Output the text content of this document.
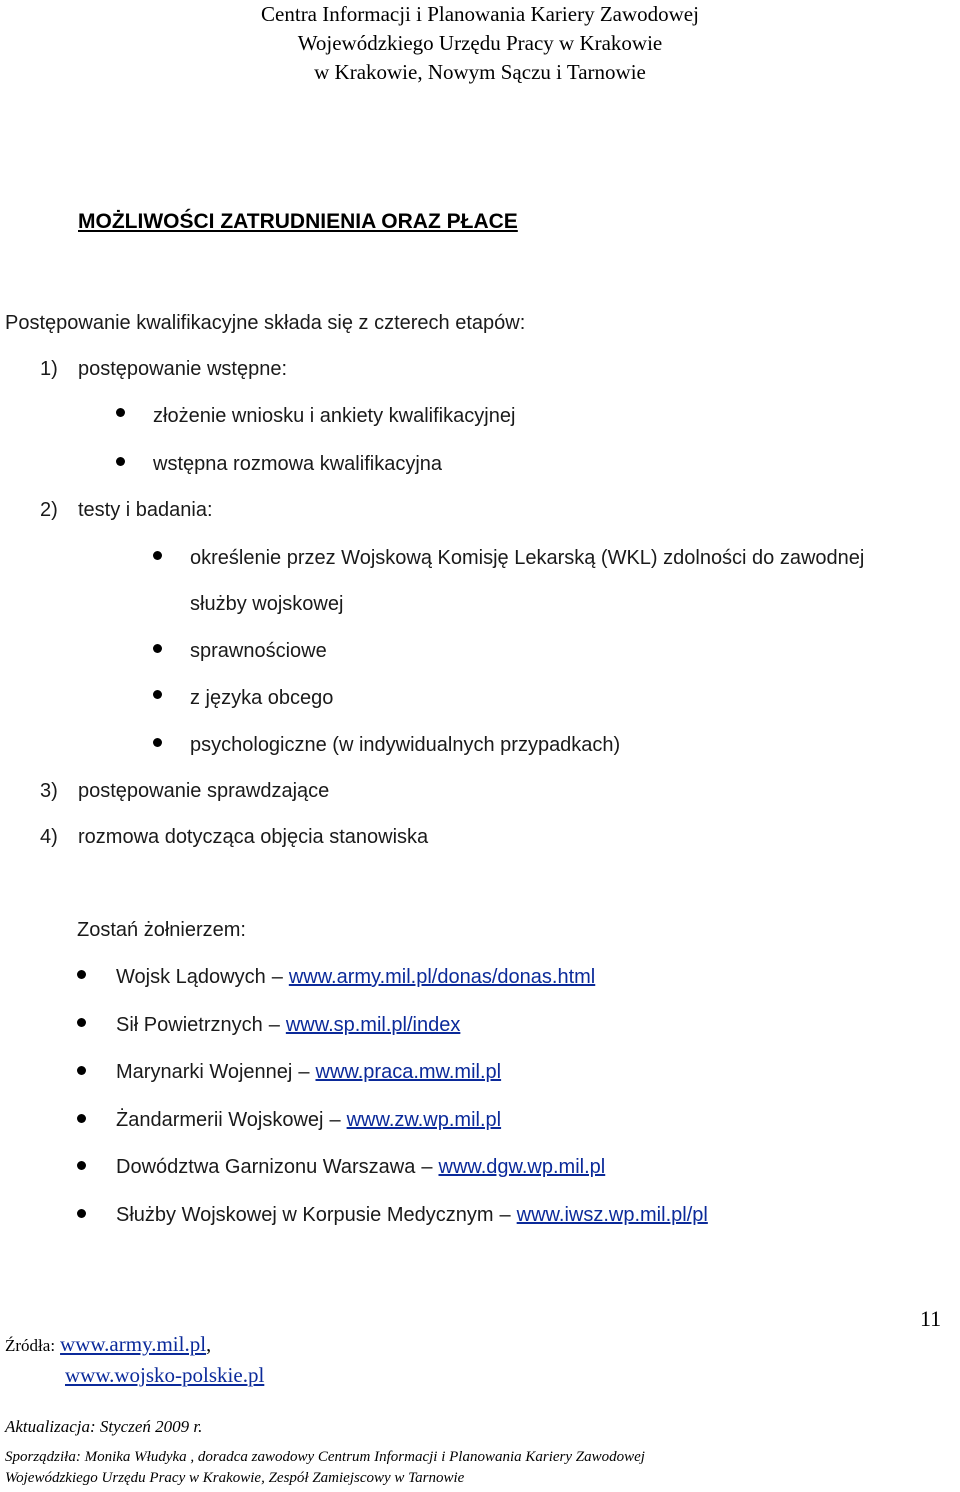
Centra Informacji i Planowania Kariery Zawodowej
Wojewódzkiego Urzędu Pracy w Krakowie
w Krakowie, Nowym Sączu i Tarnowie
MOŻLIWOŚCI ZATRUDNIENIA ORAZ PŁACE
Postępowanie kwalifikacyjne składa się z czterech etapów:
1) postępowanie wstępne:
złożenie wniosku i ankiety kwalifikacyjnej
wstępna rozmowa kwalifikacyjna
2) testy i badania:
określenie przez Wojskową Komisję Lekarską (WKL) zdolności do zawodnej
służby wojskowej
sprawnościowe
z języka obcego
psychologiczne (w indywidualnych przypadkach)
3) postępowanie sprawdzające
4) rozmowa dotycząca objęcia stanowiska
Zostań żołnierzem:
Wojsk Lądowych – www.army.mil.pl/donas/donas.html
Sił Powietrznych – www.sp.mil.pl/index
Marynarki Wojennej – www.praca.mw.mil.pl
Żandarmerii Wojskowej – www.zw.wp.mil.pl
Dowództwa Garnizonu Warszawa – www.dgw.wp.mil.pl
Służby Wojskowej w Korpusie Medycznym – www.iwsz.wp.mil.pl/pl
11
Źródła: www.army.mil.pl,
www.wojsko-polskie.pl
Aktualizacja: Styczeń 2009 r.
Sporządziła: Monika Włudyka , doradca zawodowy Centrum Informacji i Planowania Kariery Zawodowej
Wojewódzkiego Urzędu Pracy w Krakowie, Zespół Zamiejscowy w Tarnowie
